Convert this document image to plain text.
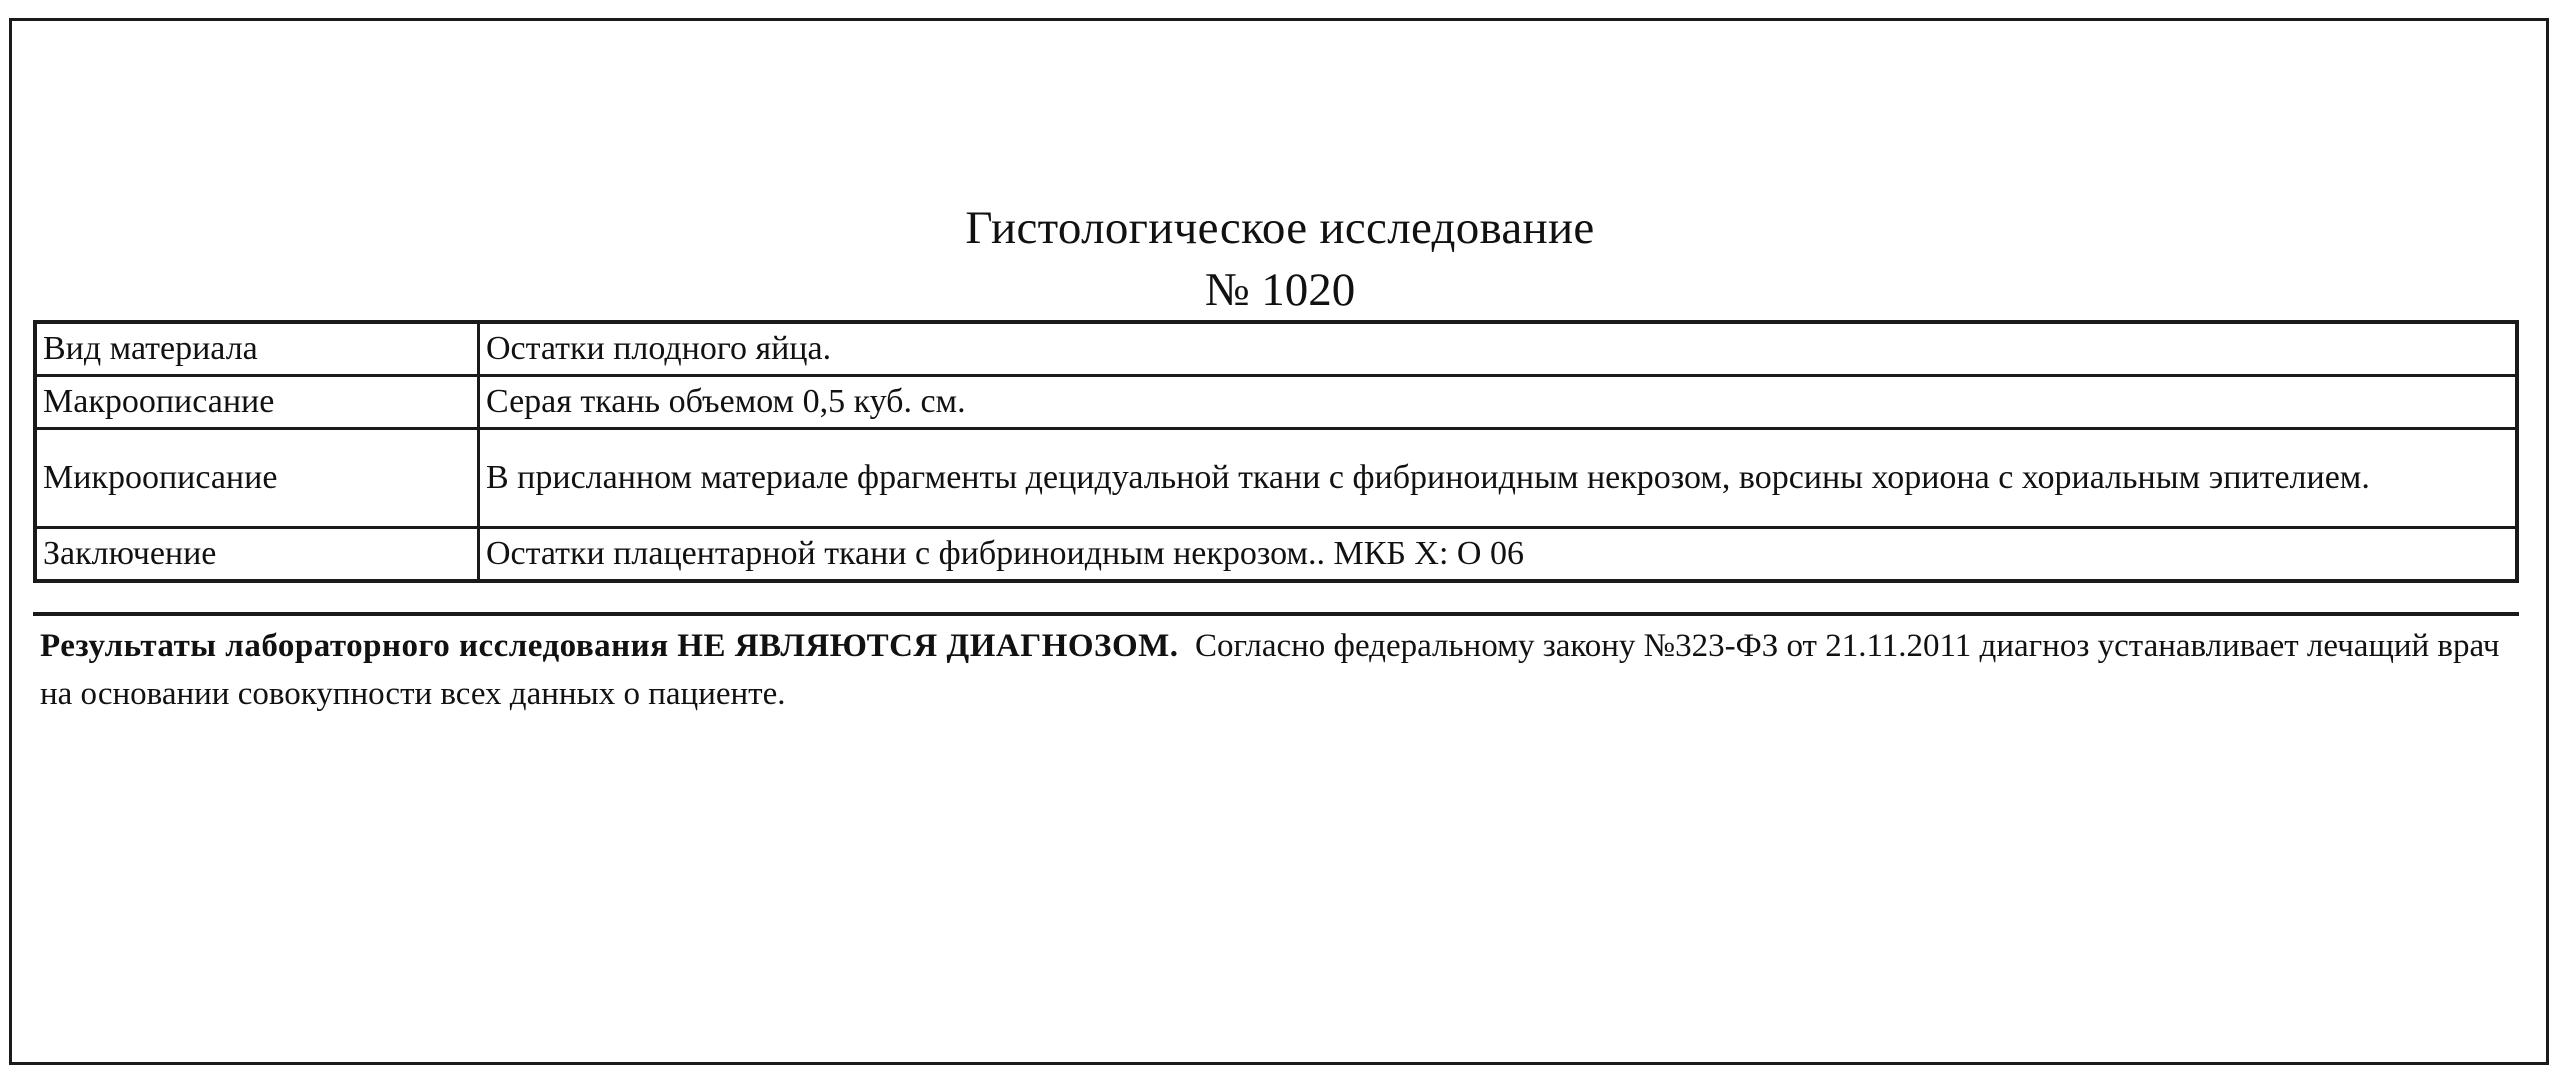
Гистологическое исследование
№ 1020
Вид материала	Остатки плодного яйца.
Макроописание	Серая ткань объемом 0,5 куб. см.
Микроописание	В присланном материале фрагменты децидуальной ткани с фибриноидным некрозом, ворсины хориона с хориальным эпителием.
Заключение	Остатки плацентарной ткани с фибриноидным некрозом.. МКБ X: O 06
Результаты лабораторного исследования НЕ ЯВЛЯЮТСЯ ДИАГНОЗОМ. Согласно федеральному закону №323-ФЗ от 21.11.2011 диагноз устанавливает лечащий врач на основании совокупности всех данных о пациенте.
